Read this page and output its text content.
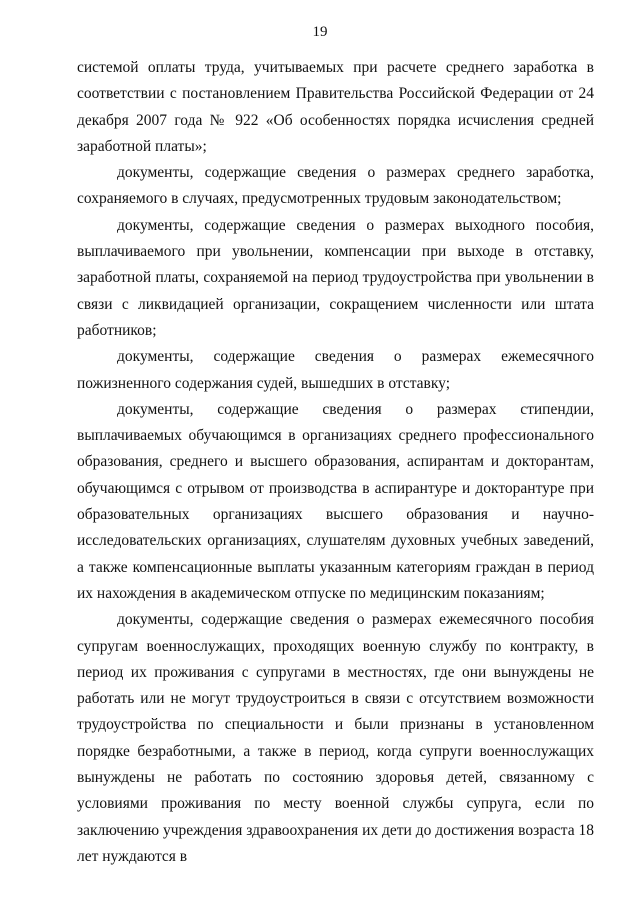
19

системой оплаты труда, учитываемых при расчете среднего заработка в соответствии с постановлением Правительства Российской Федерации от 24 декабря 2007 года № 922 «Об особенностях порядка исчисления средней заработной платы»;

документы, содержащие сведения о размерах среднего заработка, сохраняемого в случаях, предусмотренных трудовым законодательством;

документы, содержащие сведения о размерах выходного пособия, выплачиваемого при увольнении, компенсации при выходе в отставку, заработной платы, сохраняемой на период трудоустройства при увольнении в связи с ликвидацией организации, сокращением численности или штата работников;

документы, содержащие сведения о размерах ежемесячного пожизненного содержания судей, вышедших в отставку;

документы, содержащие сведения о размерах стипендии, выплачиваемых обучающимся в организациях среднего профессионального образования, среднего и высшего образования, аспирантам и докторантам, обучающимся с отрывом от производства в аспирантуре и докторантуре при образовательных организациях высшего образования и научно-исследовательских организациях, слушателям духовных учебных заведений, а также компенсационные выплаты указанным категориям граждан в период их нахождения в академическом отпуске по медицинским показаниям;

документы, содержащие сведения о размерах ежемесячного пособия супругам военнослужащих, проходящих военную службу по контракту, в период их проживания с супругами в местностях, где они вынуждены не работать или не могут трудоустроиться в связи с отсутствием возможности трудоустройства по специальности и были признаны в установленном порядке безработными, а также в период, когда супруги военнослужащих вынуждены не работать по состоянию здоровья детей, связанному с условиями проживания по месту военной службы супруга, если по заключению учреждения здравоохранения их дети до достижения возраста 18 лет нуждаются в
